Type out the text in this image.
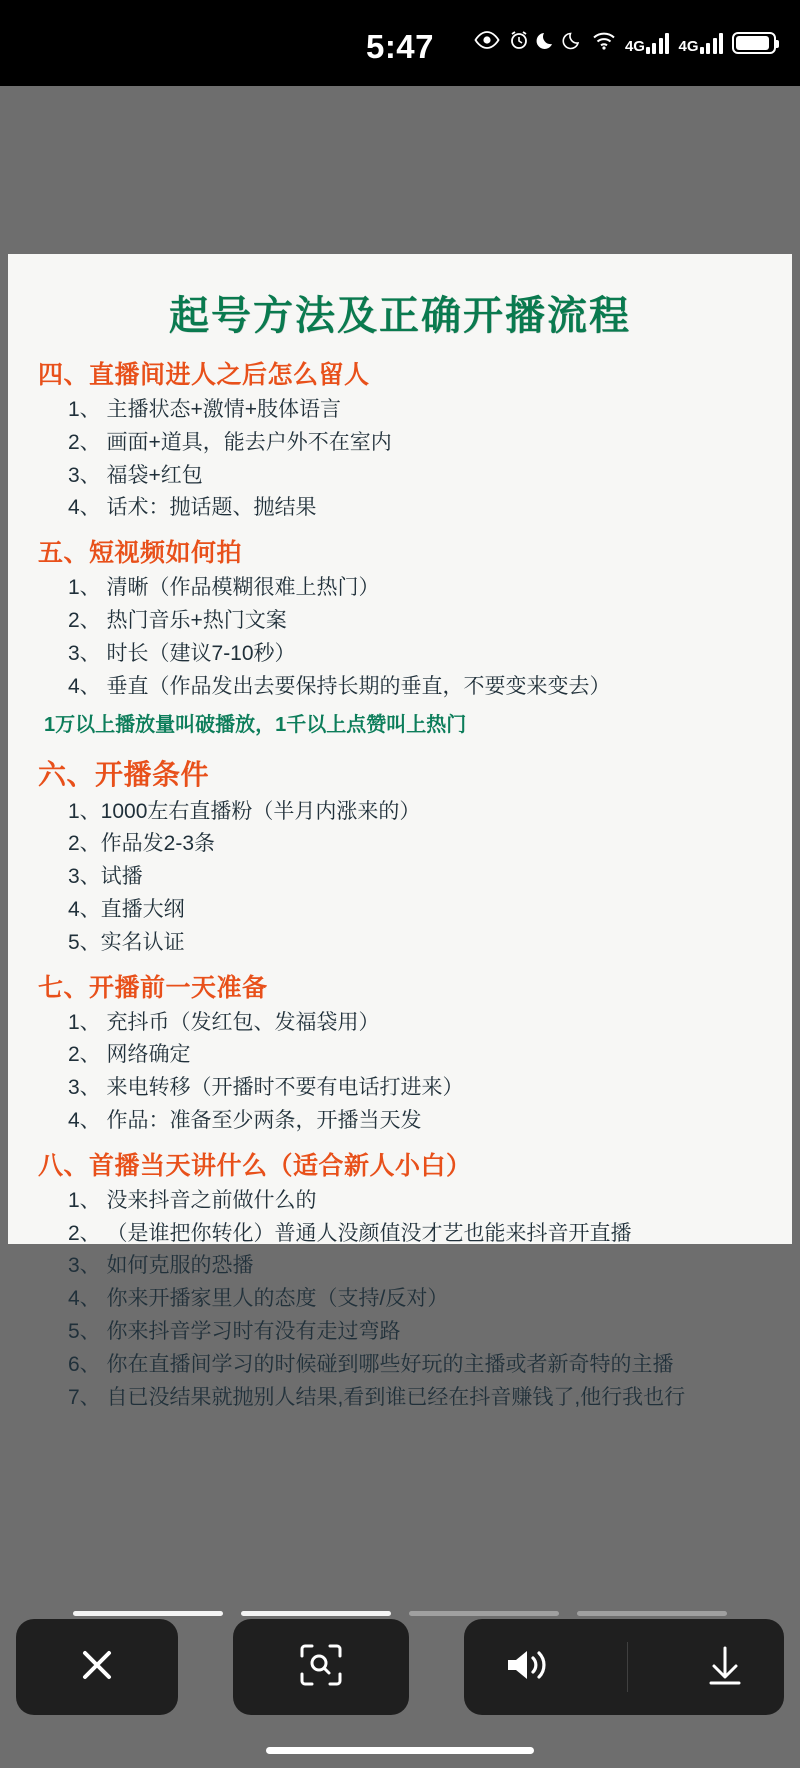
5:47	4G 4G
起号方法及正确开播流程
四、直播间进人之后怎么留人
1、 主播状态+激情+肢体语言
2、 画面+道具，能去户外不在室内
3、 福袋+红包
4、 话术：抛话题、抛结果
五、短视频如何拍
1、 清晰（作品模糊很难上热门）
2、 热门音乐+热门文案
3、 时长（建议7-10秒）
4、 垂直（作品发出去要保持长期的垂直，不要变来变去）
1万以上播放量叫破播放，1千以上点赞叫上热门
六、开播条件
1、1000左右直播粉（半月内涨来的）
2、作品发2-3条
3、试播
4、直播大纲
5、实名认证
七、开播前一天准备
1、 充抖币（发红包、发福袋用）
2、 网络确定
3、 来电转移（开播时不要有电话打进来）
4、 作品：准备至少两条，开播当天发
八、首播当天讲什么（适合新人小白）
1、 没来抖音之前做什么的
2、 （是谁把你转化）普通人没颜值没才艺也能来抖音开直播
3、 如何克服的恐播
4、 你来开播家里人的态度（支持/反对）
5、 你来抖音学习时有没有走过弯路
6、 你在直播间学习的时候碰到哪些好玩的主播或者新奇特的主播
7、 自已没结果就抛别人结果,看到谁已经在抖音赚钱了,他行我也行
